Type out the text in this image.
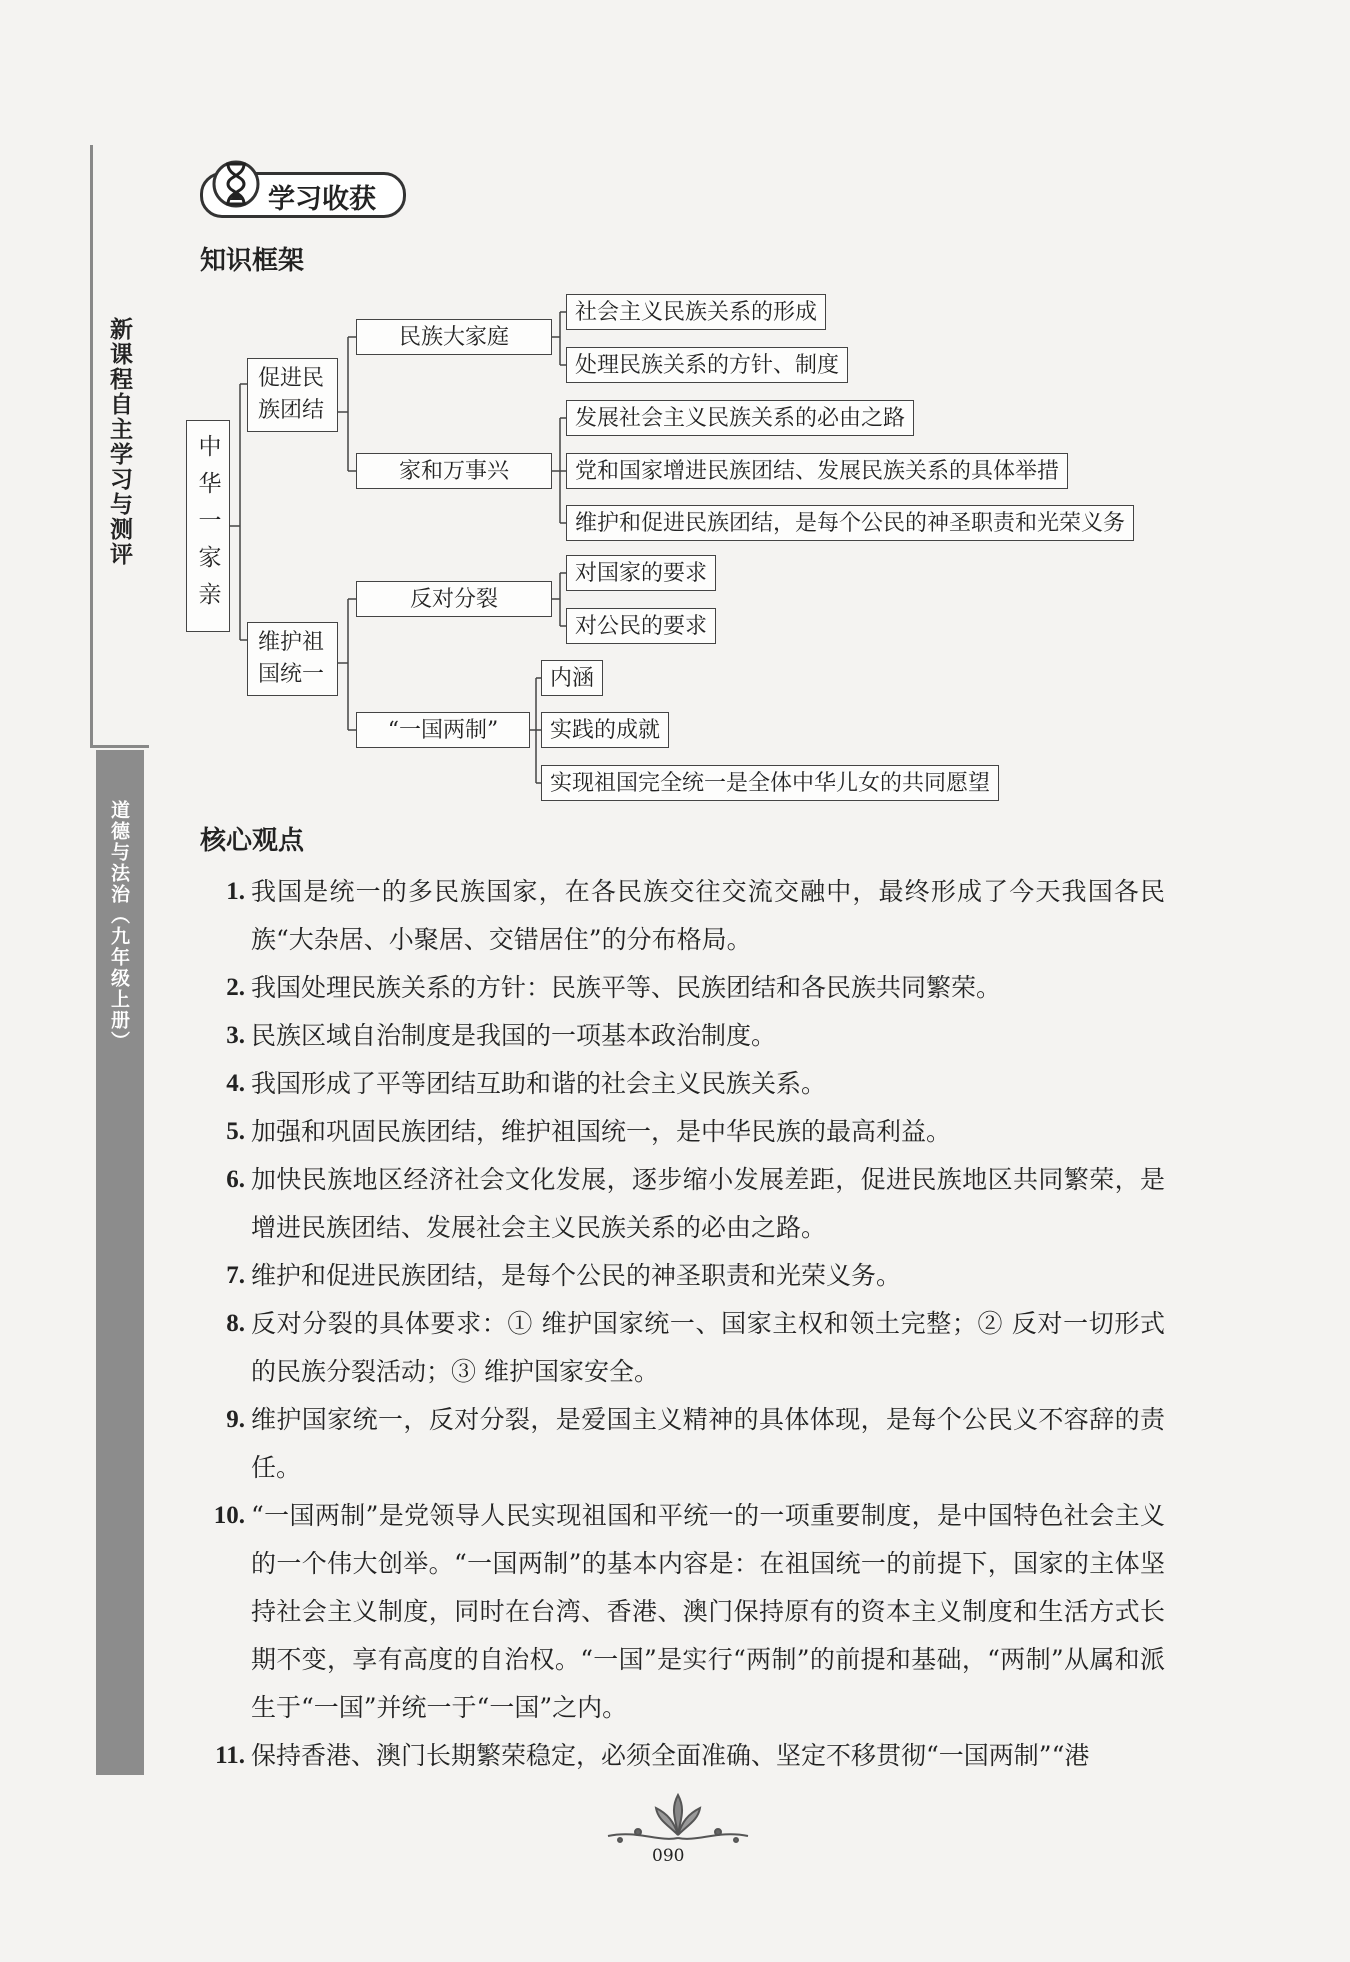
新课程自主学习与测评
道德与法治（九年级上册）
学习收获
知识框架
中华一家亲
促进民族团结
维护祖国统一
民族大家庭
家和万事兴
反对分裂
“一国两制”
社会主义民族关系的形成
处理民族关系的方针、制度
发展社会主义民族关系的必由之路
党和国家增进民族团结、发展民族关系的具体举措
维护和促进民族团结，是每个公民的神圣职责和光荣义务
对国家的要求
对公民的要求
内涵
实践的成就
实现祖国完全统一是全体中华儿女的共同愿望
核心观点
1. 我国是统一的多民族国家，在各民族交往交流交融中，最终形成了今天我国各民族“大杂居、小聚居、交错居住”的分布格局。
2. 我国处理民族关系的方针：民族平等、民族团结和各民族共同繁荣。
3. 民族区域自治制度是我国的一项基本政治制度。
4. 我国形成了平等团结互助和谐的社会主义民族关系。
5. 加强和巩固民族团结，维护祖国统一，是中华民族的最高利益。
6. 加快民族地区经济社会文化发展，逐步缩小发展差距，促进民族地区共同繁荣，是增进民族团结、发展社会主义民族关系的必由之路。
7. 维护和促进民族团结，是每个公民的神圣职责和光荣义务。
8. 反对分裂的具体要求：① 维护国家统一、国家主权和领土完整；② 反对一切形式的民族分裂活动；③ 维护国家安全。
9. 维护国家统一，反对分裂，是爱国主义精神的具体体现，是每个公民义不容辞的责任。
10. “一国两制”是党领导人民实现祖国和平统一的一项重要制度，是中国特色社会主义的一个伟大创举。“一国两制”的基本内容是：在祖国统一的前提下，国家的主体坚持社会主义制度，同时在台湾、香港、澳门保持原有的资本主义制度和生活方式长期不变，享有高度的自治权。“一国”是实行“两制”的前提和基础，“两制”从属和派生于“一国”并统一于“一国”之内。
11. 保持香港、澳门长期繁荣稳定，必须全面准确、坚定不移贯彻“一国两制”“港
090
